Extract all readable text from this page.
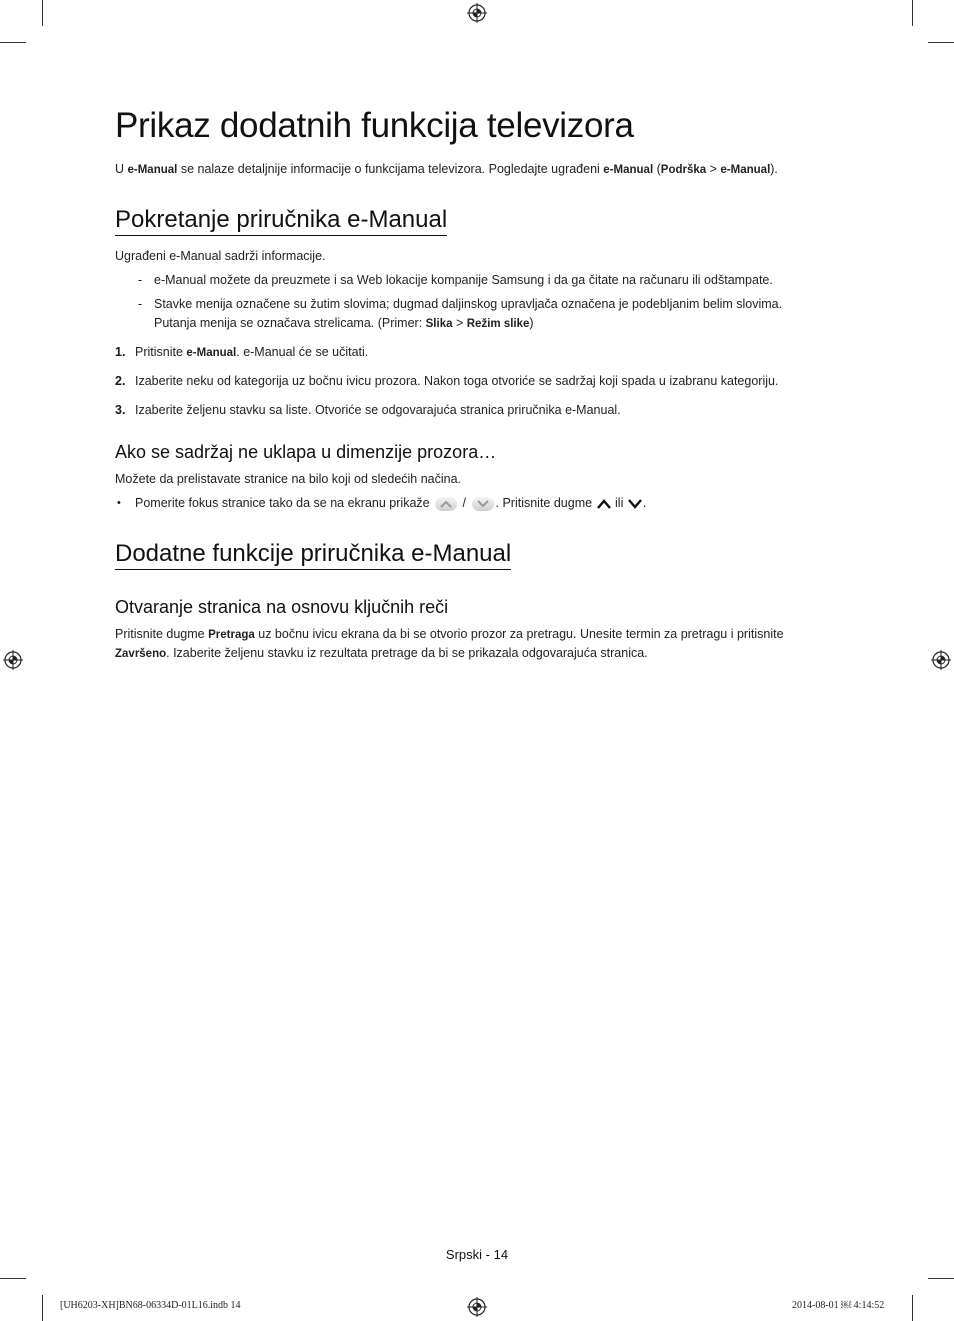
Prikaz dodatnih funkcija televizora
U e-Manual se nalaze detaljnije informacije o funkcijama televizora. Pogledajte ugrađeni e-Manual (Podrška > e-Manual).
Pokretanje priručnika e-Manual
Ugrađeni e-Manual sadrži informacije.
- e-Manual možete da preuzmete i sa Web lokacije kompanije Samsung i da ga čitate na računaru ili odštampate.
- Stavke menija označene su žutim slovima; dugmad daljinskog upravljača označena je podebljanim belim slovima.
Putanja menija se označava strelicama. (Primer: Slika > Režim slike)
1. Pritisnite e-Manual. e-Manual će se učitati.
2. Izaberite neku od kategorija uz bočnu ivicu prozora. Nakon toga otvoriće se sadržaj koji spada u izabranu kategoriju.
3. Izaberite željenu stavku sa liste. Otvoriće se odgovarajuća stranica priručnika e-Manual.
Ako se sadržaj ne uklapa u dimenzije prozora…
Možete da prelistavate stranice na bilo koji od sledećih načina.
• Pomerite fokus stranice tako da se na ekranu prikaže
/
. Pritisnite dugme  ili .
Dodatne funkcije priručnika e-Manual
Otvaranje stranica na osnovu ključnih reči
Pritisnite dugme Pretraga uz bočnu ivicu ekrana da bi se otvorio prozor za pretragu. Unesite termin za pretragu i pritisnite
Završeno. Izaberite željenu stavku iz rezultata pretrage da bi se prikazala odgovarajuća stranica.
Srpski - 14
[UH6203-XH]BN68-06334D-01L16.indb 14	2014-08-01 ￼ 4:14:52
